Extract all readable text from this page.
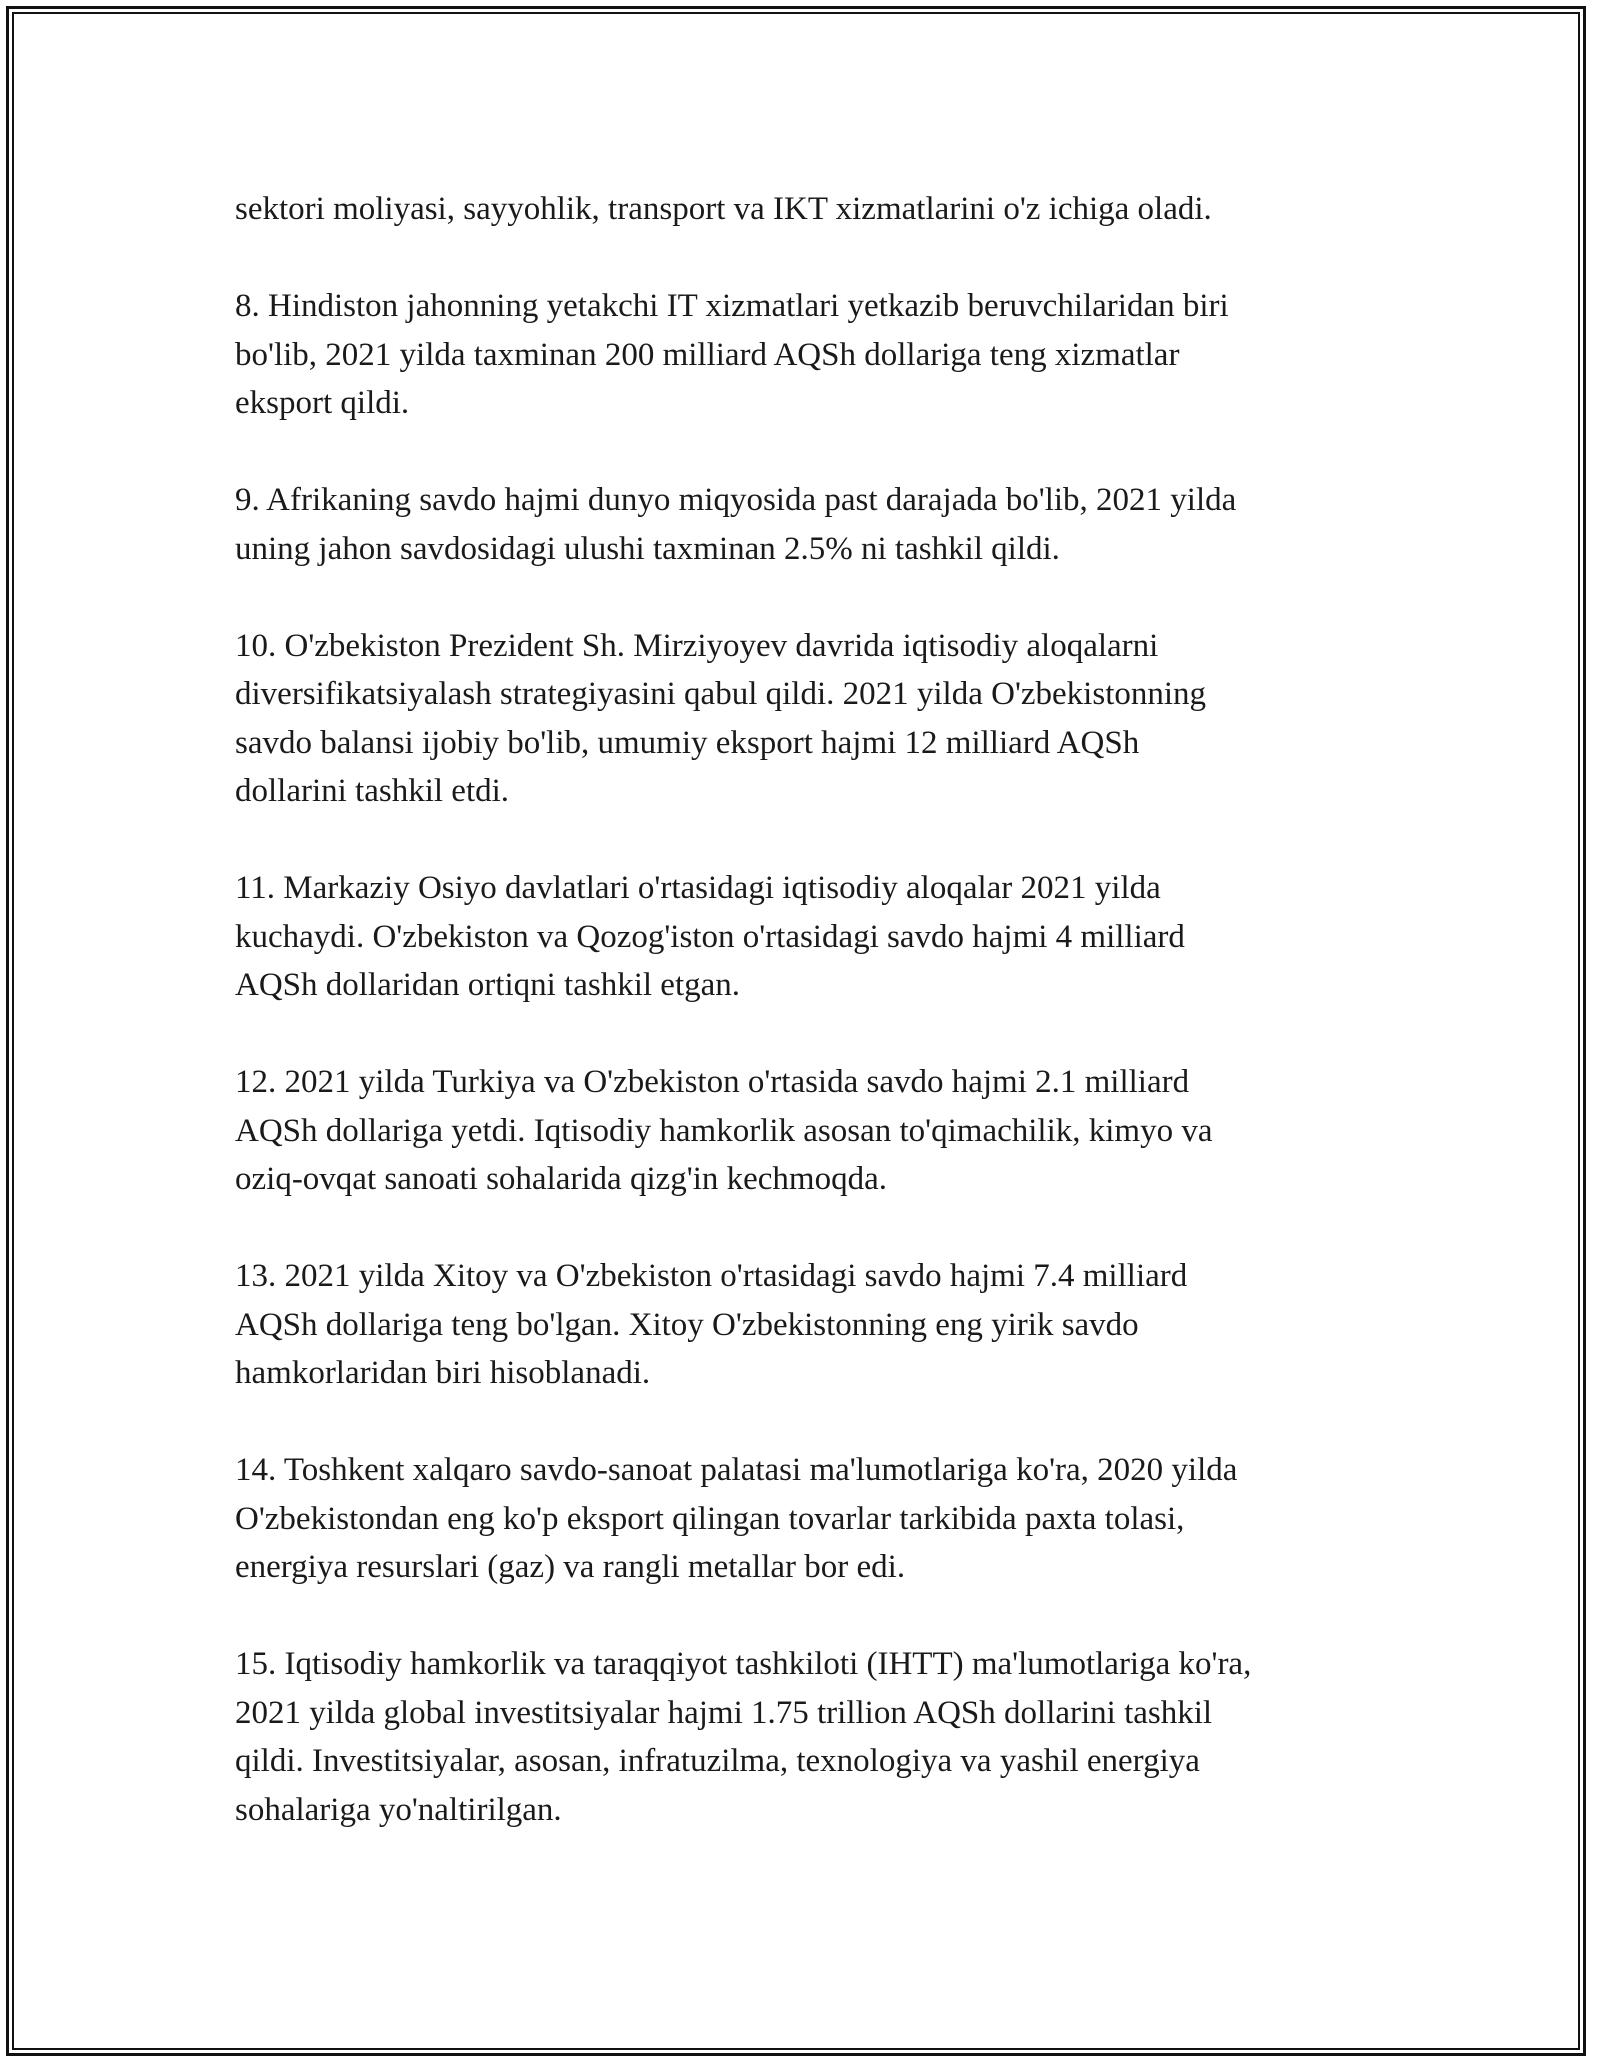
sektori moliyasi, sayyohlik, transport va IKT xizmatlarini o'z ichiga oladi.
8. Hindiston jahonning yetakchi IT xizmatlari yetkazib beruvchilaridan biri
bo'lib, 2021 yilda taxminan 200 milliard AQSh dollariga teng xizmatlar
eksport qildi.
9. Afrikaning savdo hajmi dunyo miqyosida past darajada bo'lib, 2021 yilda
uning jahon savdosidagi ulushi taxminan 2.5% ni tashkil qildi.
10. O'zbekiston Prezident Sh. Mirziyoyev davrida iqtisodiy aloqalarni
diversifikatsiyalash strategiyasini qabul qildi. 2021 yilda O'zbekistonning
savdo balansi ijobiy bo'lib, umumiy eksport hajmi 12 milliard AQSh
dollarini tashkil etdi.
11. Markaziy Osiyo davlatlari o'rtasidagi iqtisodiy aloqalar 2021 yilda
kuchaydi. O'zbekiston va Qozog'iston o'rtasidagi savdo hajmi 4 milliard
AQSh dollaridan ortiqni tashkil etgan.
12. 2021 yilda Turkiya va O'zbekiston o'rtasida savdo hajmi 2.1 milliard
AQSh dollariga yetdi. Iqtisodiy hamkorlik asosan to'qimachilik, kimyo va
oziq-ovqat sanoati sohalarida qizg'in kechmoqda.
13. 2021 yilda Xitoy va O'zbekiston o'rtasidagi savdo hajmi 7.4 milliard
AQSh dollariga teng bo'lgan. Xitoy O'zbekistonning eng yirik savdo
hamkorlaridan biri hisoblanadi.
14. Toshkent xalqaro savdo-sanoat palatasi ma'lumotlariga ko'ra, 2020 yilda
O'zbekistondan eng ko'p eksport qilingan tovarlar tarkibida paxta tolasi,
energiya resurslari (gaz) va rangli metallar bor edi.
15. Iqtisodiy hamkorlik va taraqqiyot tashkiloti (IHTT) ma'lumotlariga ko'ra,
2021 yilda global investitsiyalar hajmi 1.75 trillion AQSh dollarini tashkil
qildi. Investitsiyalar, asosan, infratuzilma, texnologiya va yashil energiya
sohalariga yo'naltirilgan.
